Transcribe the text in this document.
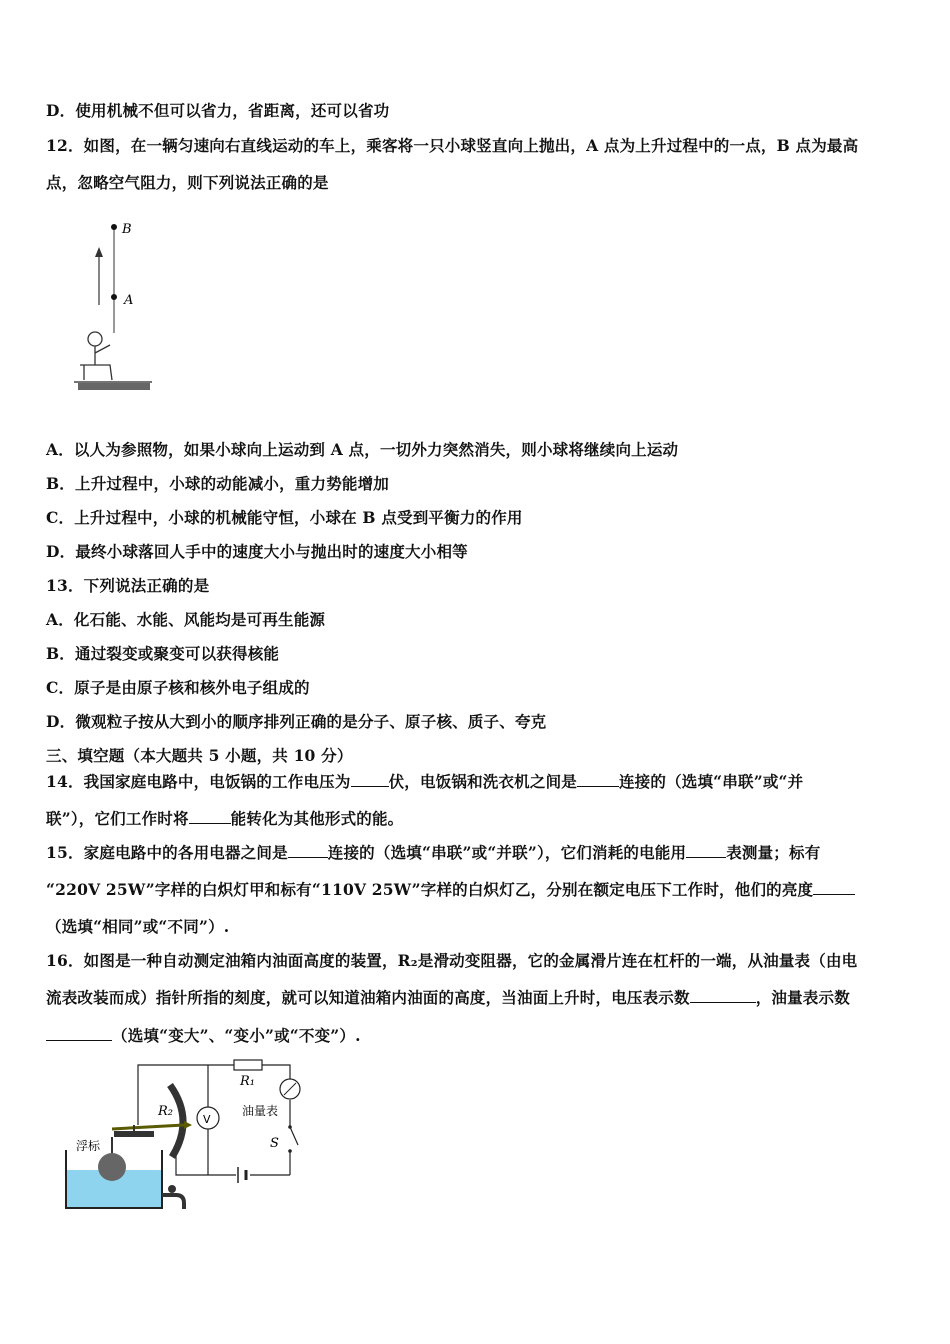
D．使用机械不但可以省力，省距离，还可以省功
12．如图，在一辆匀速向右直线运动的车上，乘客将一只小球竖直向上抛出，A 点为上升过程中的一点，B 点为最高
点，忽略空气阻力，则下列说法正确的是
B
A
A．以人为参照物，如果小球向上运动到 A 点，一切外力突然消失，则小球将继续向上运动
B．上升过程中，小球的动能减小，重力势能增加
C．上升过程中，小球的机械能守恒，小球在 B 点受到平衡力的作用
D．最终小球落回人手中的速度大小与抛出时的速度大小相等
13．下列说法正确的是
A．化石能、水能、风能均是可再生能源
B．通过裂变或聚变可以获得核能
C．原子是由原子核和核外电子组成的
D．微观粒子按从大到小的顺序排列正确的是分子、原子核、质子、夸克
三、填空题（本大题共 5 小题，共 10 分）
14．我国家庭电路中，电饭锅的工作电压为 伏，电饭锅和洗衣机之间是	连接的（选填“串联”或“并
联”），它们工作时将	能转化为其他形式的能。
15．家庭电路中的各用电器之间是	连接的（选填“串联”或“并联”），它们消耗的电能用	表测量；标有
“220V 25W”字样的白炽灯甲和标有“110V 25W”字样的白炽灯乙，分别在额定电压下工作时，他们的亮度
（选填“相同”或“不同”）.
16．如图是一种自动测定油箱内油面高度的装置，R₂是滑动变阻器，它的金属滑片连在杠杆的一端，从油量表（由电
流表改装而成）指针所指的刻度，就可以知道油箱内油面的高度，当油面上升时，电压表示数	，油量表示数
（选填“变大”、“变小”或“不变”）.
R₁
R₂
V
油量表
S
浮标
